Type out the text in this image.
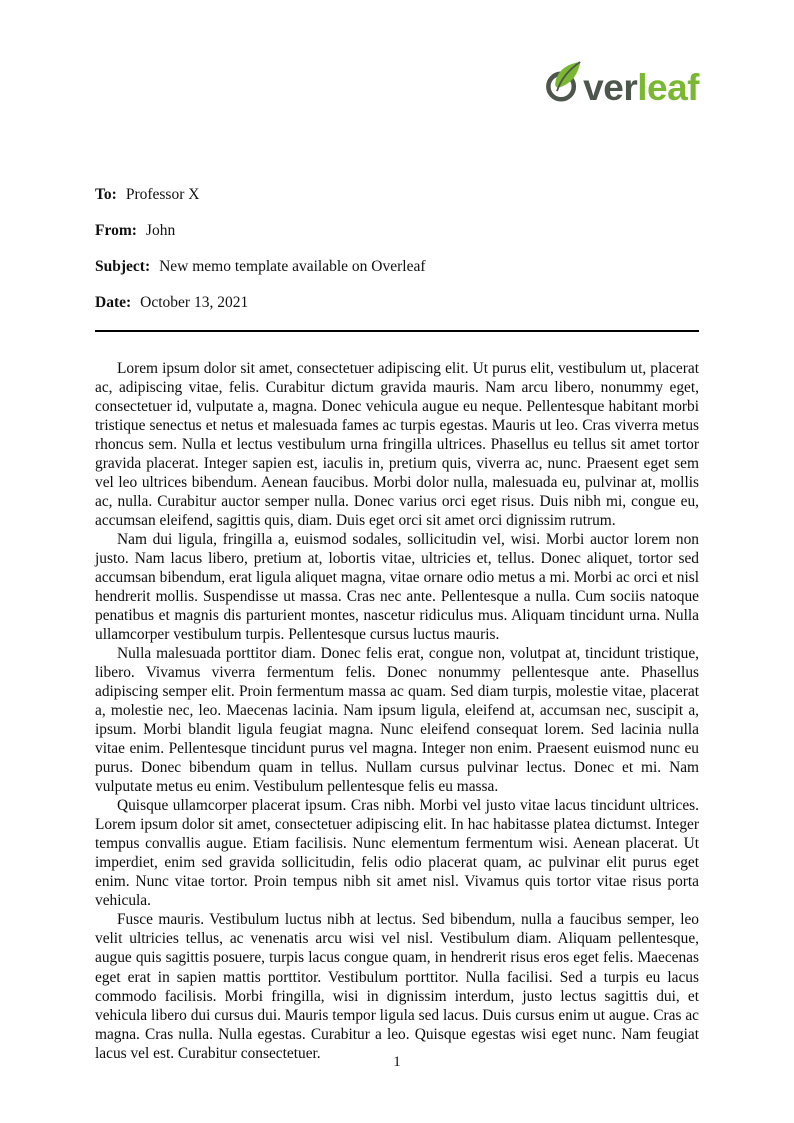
ver leaf

To: Professor X

From: John

Subject: New memo template available on Overleaf

Date: October 13, 2021

Lorem ipsum dolor sit amet, consectetuer adipiscing elit. Ut purus elit, vestibulum ut, placerat ac, adipiscing vitae, felis. Curabitur dictum gravida mauris. Nam arcu libero, nonummy eget, consectetuer id, vulputate a, magna. Donec vehicula augue eu neque. Pellentesque habitant morbi tristique senectus et netus et malesuada fames ac turpis egestas. Mauris ut leo. Cras viverra metus rhoncus sem. Nulla et lectus vestibulum urna fringilla ultrices. Phasellus eu tellus sit amet tortor gravida placerat. Integer sapien est, iaculis in, pretium quis, viverra ac, nunc. Praesent eget sem vel leo ultrices bibendum. Aenean faucibus. Morbi dolor nulla, malesuada eu, pulvinar at, mollis ac, nulla. Curabitur auctor semper nulla. Donec varius orci eget risus. Duis nibh mi, congue eu, accumsan eleifend, sagittis quis, diam. Duis eget orci sit amet orci dignissim rutrum.

Nam dui ligula, fringilla a, euismod sodales, sollicitudin vel, wisi. Morbi auctor lorem non justo. Nam lacus libero, pretium at, lobortis vitae, ultricies et, tellus. Donec aliquet, tortor sed accumsan bibendum, erat ligula aliquet magna, vitae ornare odio metus a mi. Morbi ac orci et nisl hendrerit mollis. Suspendisse ut massa. Cras nec ante. Pellentesque a nulla. Cum sociis natoque penatibus et magnis dis parturient montes, nascetur ridiculus mus. Aliquam tincidunt urna. Nulla ullamcorper vestibulum turpis. Pellentesque cursus luctus mauris.

Nulla malesuada porttitor diam. Donec felis erat, congue non, volutpat at, tincidunt tristique, libero. Vivamus viverra fermentum felis. Donec nonummy pellentesque ante. Phasellus adipiscing semper elit. Proin fermentum massa ac quam. Sed diam turpis, molestie vitae, placerat a, molestie nec, leo. Maecenas lacinia. Nam ipsum ligula, eleifend at, accumsan nec, suscipit a, ipsum. Morbi blandit ligula feugiat magna. Nunc eleifend consequat lorem. Sed lacinia nulla vitae enim. Pellentesque tincidunt purus vel magna. Integer non enim. Praesent euismod nunc eu purus. Donec bibendum quam in tellus. Nullam cursus pulvinar lectus. Donec et mi. Nam vulputate metus eu enim. Vestibulum pellentesque felis eu massa.

Quisque ullamcorper placerat ipsum. Cras nibh. Morbi vel justo vitae lacus tincidunt ultrices. Lorem ipsum dolor sit amet, consectetuer adipiscing elit. In hac habitasse platea dictumst. Integer tempus convallis augue. Etiam facilisis. Nunc elementum fermentum wisi. Aenean placerat. Ut imperdiet, enim sed gravida sollicitudin, felis odio placerat quam, ac pulvinar elit purus eget enim. Nunc vitae tortor. Proin tempus nibh sit amet nisl. Vivamus quis tortor vitae risus porta vehicula.

Fusce mauris. Vestibulum luctus nibh at lectus. Sed bibendum, nulla a faucibus semper, leo velit ultricies tellus, ac venenatis arcu wisi vel nisl. Vestibulum diam. Aliquam pellentesque, augue quis sagittis posuere, turpis lacus congue quam, in hendrerit risus eros eget felis. Maecenas eget erat in sapien mattis porttitor. Vestibulum porttitor. Nulla facilisi. Sed a turpis eu lacus commodo facilisis. Morbi fringilla, wisi in dignissim interdum, justo lectus sagittis dui, et vehicula libero dui cursus dui. Mauris tempor ligula sed lacus. Duis cursus enim ut augue. Cras ac magna. Cras nulla. Nulla egestas. Curabitur a leo. Quisque egestas wisi eget nunc. Nam feugiat lacus vel est. Curabitur consectetuer.

1
